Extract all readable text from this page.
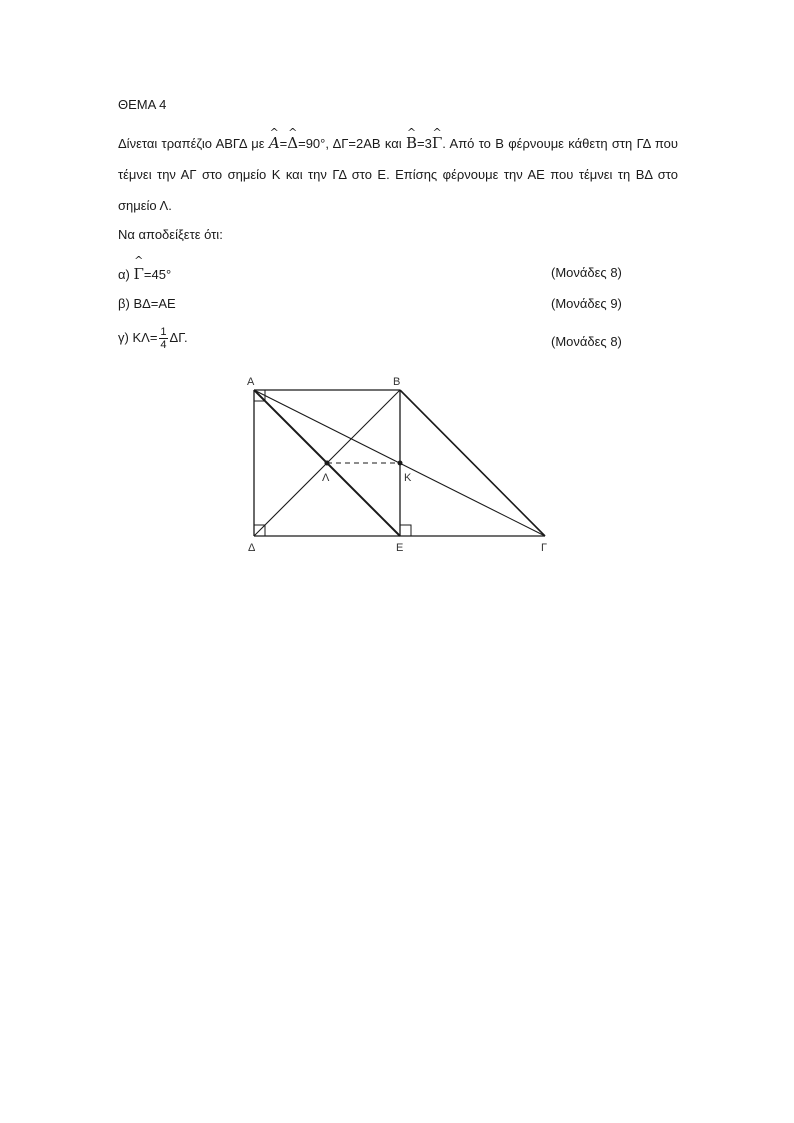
ΘΕΜΑ 4
Δίνεται τραπέζιο ΑΒΓΔ με ^ A=^ Δ=90°, ΔΓ=2ΑΒ και ^ Β=3^ Γ. Από το Β φέρνουμε κάθετη στη ΓΔ που τέμνει την ΑΓ στο σημείο Κ και την ΓΔ στο Ε. Επίσης φέρνουμε την ΑΕ που τέμνει τη ΒΔ στο σημείο Λ.
Να αποδείξετε ότι:
α) ^ Γ=45°	(Μονάδες 8)
β) ΒΔ=ΑΕ	(Μονάδες 9)
γ) $K\Lambda= \frac{1}{4} \Delta\Gamma$.	(Μονάδες 8)
Α	Β
Λ	Κ
Δ	Ε	Γ
